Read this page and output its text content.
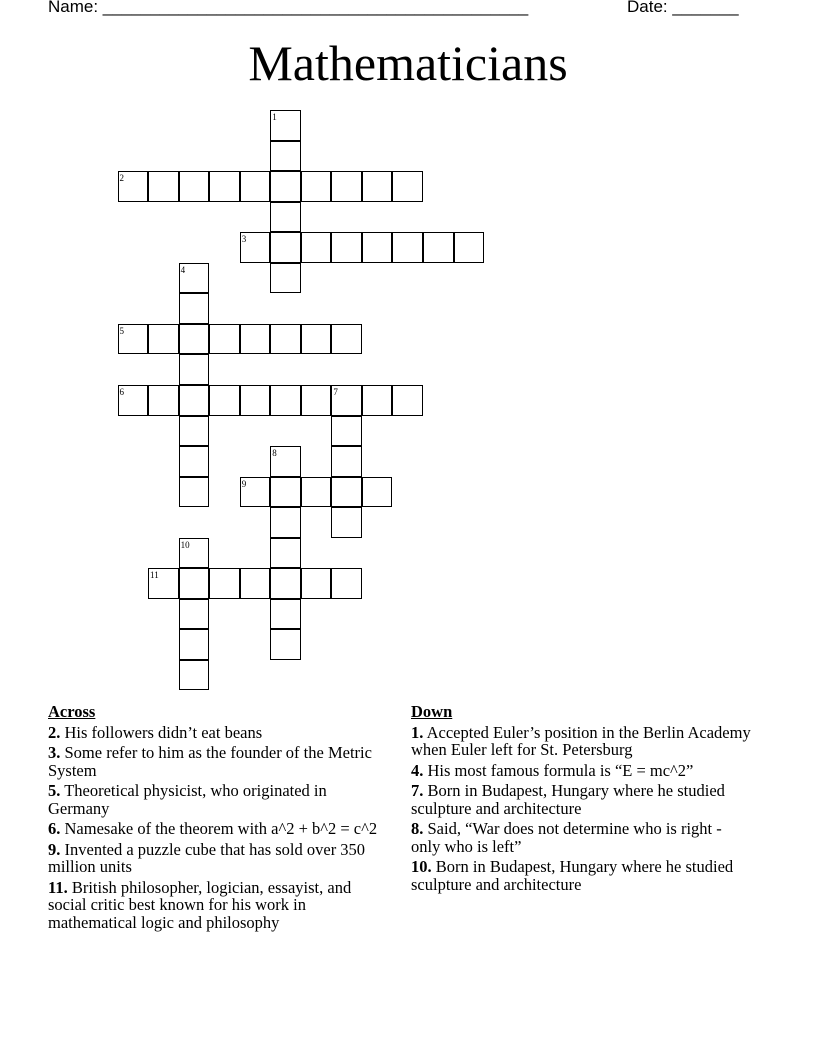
Name: _____________________________________________	Date: _______
Mathematicians
1
2
3
4
5
6	7
8
9
10
11
Across
2. His followers didn’t eat beans
3. Some refer to him as the founder of the Metric System
5. Theoretical physicist, who originated in Germany
6. Namesake of the theorem with a^2 + b^2 = c^2
9. Invented a puzzle cube that has sold over 350 million units
11. British philosopher, logician, essayist, and social critic best known for his work in mathematical logic and philosophy
Down
1. Accepted Euler’s position in the Berlin Academy when Euler left for St. Petersburg
4. His most famous formula is “E = mc^2”
7. Born in Budapest, Hungary where he studied sculpture and architecture
8. Said, “War does not determine who is right - only who is left”
10. Born in Budapest, Hungary where he studied sculpture and architecture
